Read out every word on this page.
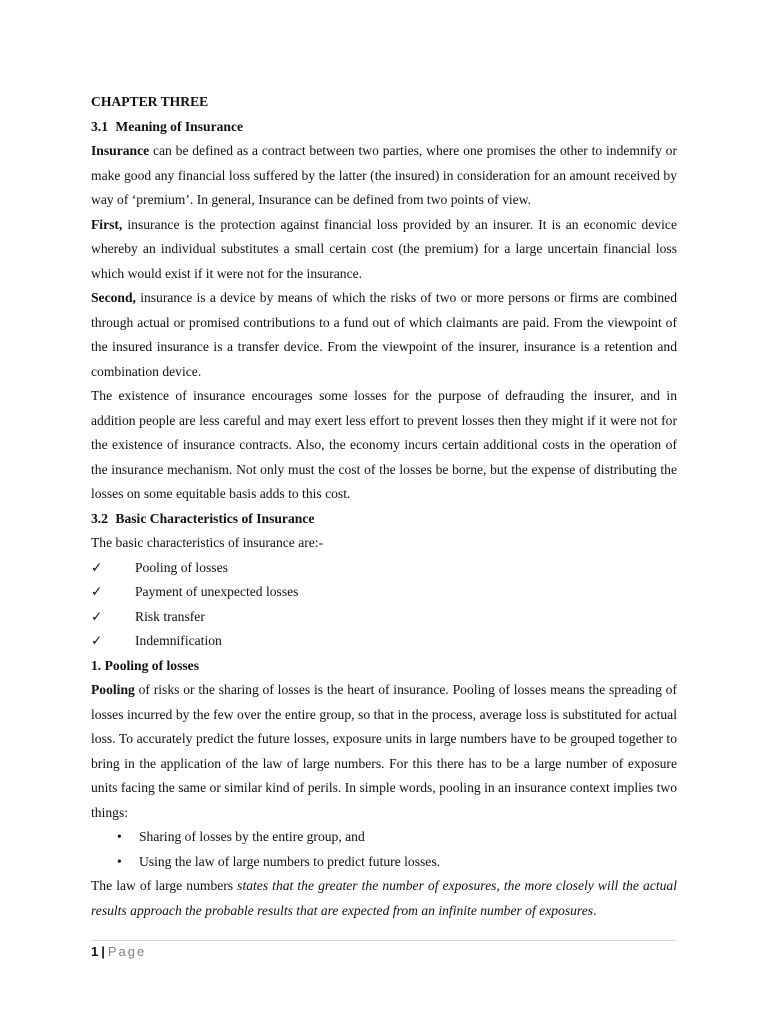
CHAPTER THREE

3.1 Meaning of Insurance

Insurance can be defined as a contract between two parties, where one promises the other to indemnify or make good any financial loss suffered by the latter (the insured) in consideration for an amount received by way of ‘premium’. In general, Insurance can be defined from two points of view.

First, insurance is the protection against financial loss provided by an insurer. It is an economic device whereby an individual substitutes a small certain cost (the premium) for a large uncertain financial loss which would exist if it were not for the insurance.

Second, insurance is a device by means of which the risks of two or more persons or firms are combined through actual or promised contributions to a fund out of which claimants are paid. From the viewpoint of the insured insurance is a transfer device. From the viewpoint of the insurer, insurance is a retention and combination device.

The existence of insurance encourages some losses for the purpose of defrauding the insurer, and in addition people are less careful and may exert less effort to prevent losses then they might if it were not for the existence of insurance contracts. Also, the economy incurs certain additional costs in the operation of the insurance mechanism. Not only must the cost of the losses be borne, but the expense of distributing the losses on some equitable basis adds to this cost.

3.2 Basic Characteristics of Insurance

The basic characteristics of insurance are:-

✓ Pooling of losses
✓ Payment of unexpected losses
✓ Risk transfer
✓ Indemnification

1. Pooling of losses

Pooling of risks or the sharing of losses is the heart of insurance. Pooling of losses means the spreading of losses incurred by the few over the entire group, so that in the process, average loss is substituted for actual loss. To accurately predict the future losses, exposure units in large numbers have to be grouped together to bring in the application of the law of large numbers. For this there has to be a large number of exposure units facing the same or similar kind of perils. In simple words, pooling in an insurance context implies two things:

• Sharing of losses by the entire group, and
• Using the law of large numbers to predict future losses.

The law of large numbers states that the greater the number of exposures, the more closely will the actual results approach the probable results that are expected from an infinite number of exposures.

1 | Page
